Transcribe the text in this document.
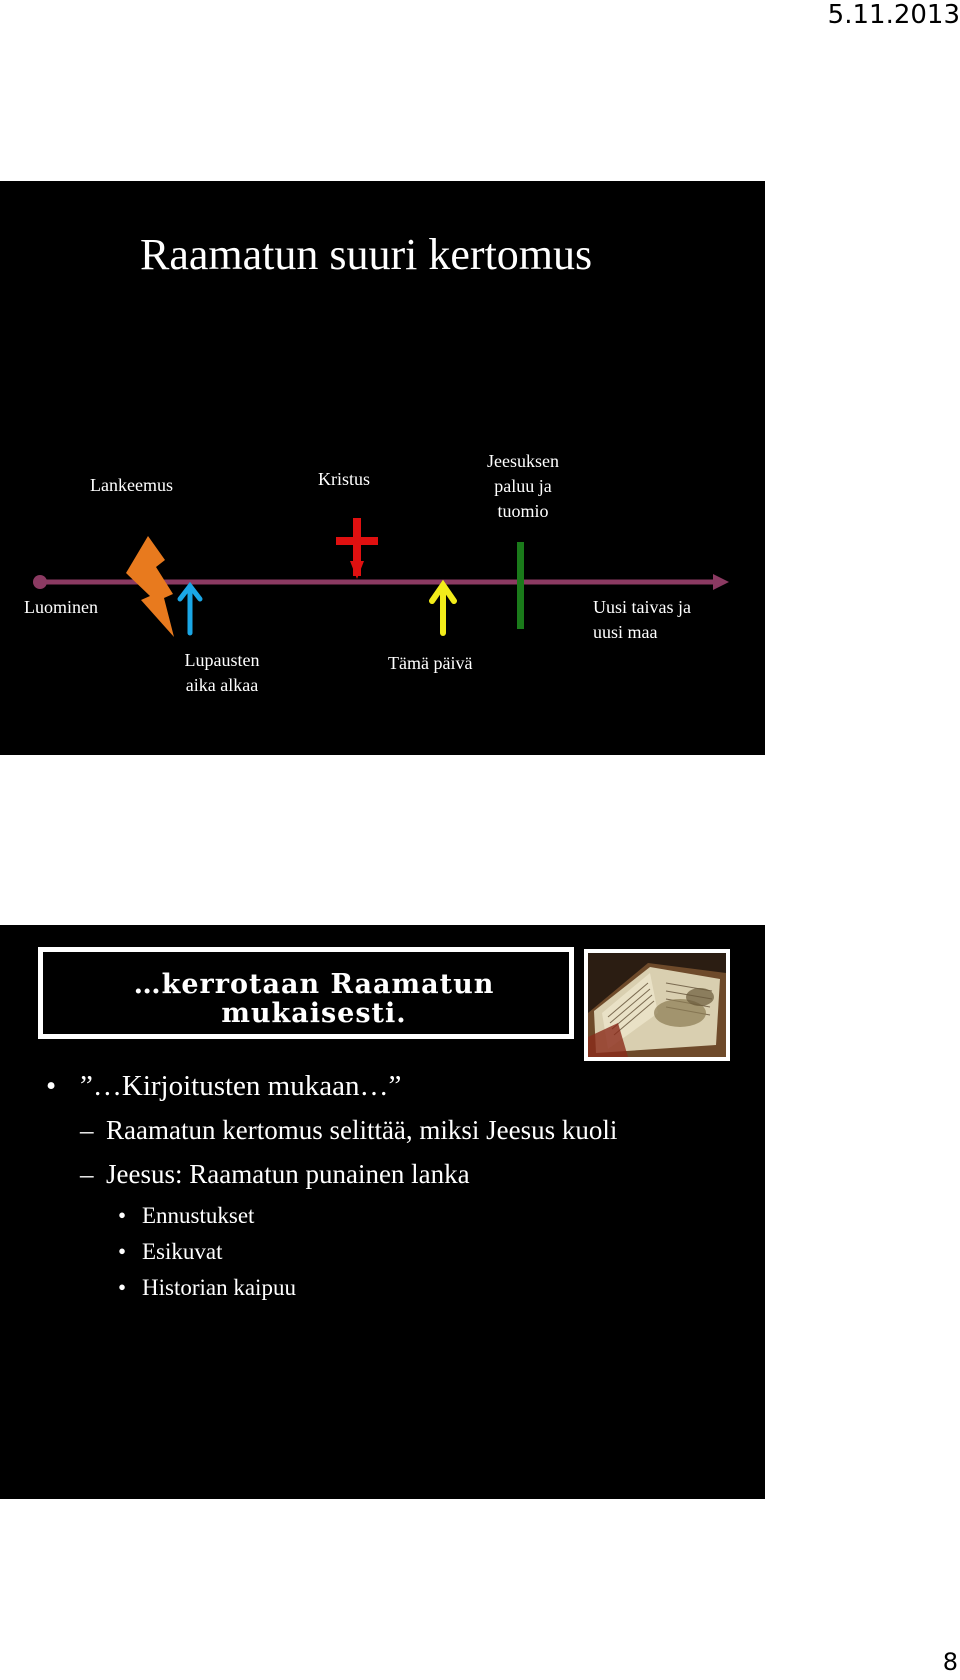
5.11.2013
Raamatun suuri kertomus
Lankeemus	Kristus
Jeesuksen
paluu ja
tuomio
Luominen
Lupausten
aika alkaa
Tämä päivä
Uusi taivas ja
uusi maa
…kerrotaan Raamatun
mukaisesti.
• ”…Kirjoitusten mukaan…”
– Raamatun kertomus selittää, miksi Jeesus kuoli
– Jeesus: Raamatun punainen lanka
• Ennustukset
• Esikuvat
• Historian kaipuu
8
